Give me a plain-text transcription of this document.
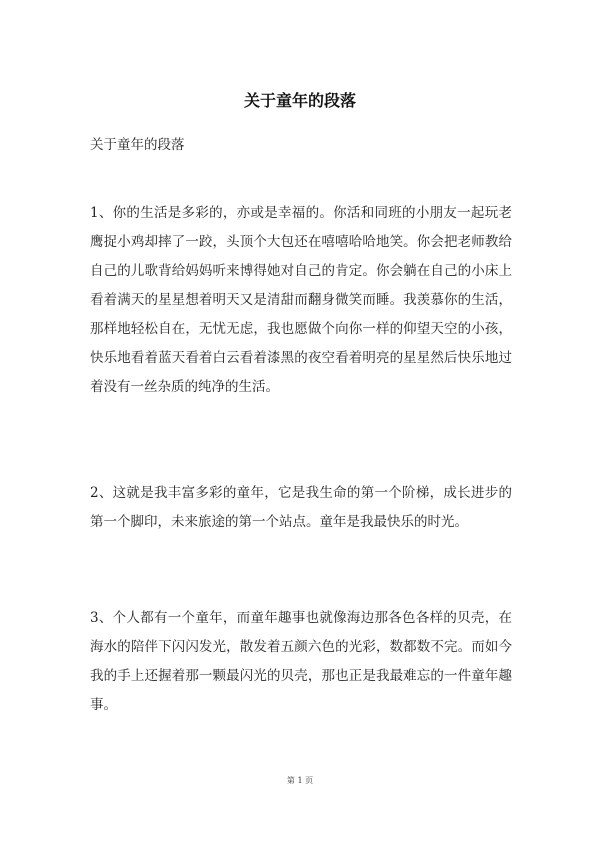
关于童年的段落
关于童年的段落

1、你的生活是多彩的，亦或是幸福的。你活和同班的小朋友一起玩老鹰捉小鸡却摔了一跤，头顶个大包还在嘻嘻哈哈地笑。你会把老师教给自己的儿歌背给妈妈听来博得她对自己的肯定。你会躺在自己的小床上看着满天的星星想着明天又是清甜而翻身微笑而睡。我羡慕你的生活，那样地轻松自在，无忧无虑，我也愿做个向你一样的仰望天空的小孩，快乐地看着蓝天看着白云看着漆黑的夜空看着明亮的星星然后快乐地过着没有一丝杂质的纯净的生活。

2、这就是我丰富多彩的童年，它是我生命的第一个阶梯，成长进步的第一个脚印，未来旅途的第一个站点。童年是我最快乐的时光。

3、个人都有一个童年，而童年趣事也就像海边那各色各样的贝壳，在海水的陪伴下闪闪发光，散发着五颜六色的光彩，数都数不完。而如今我的手上还握着那一颗最闪光的贝壳，那也正是我最难忘的一件童年趣事。

第 1 页
